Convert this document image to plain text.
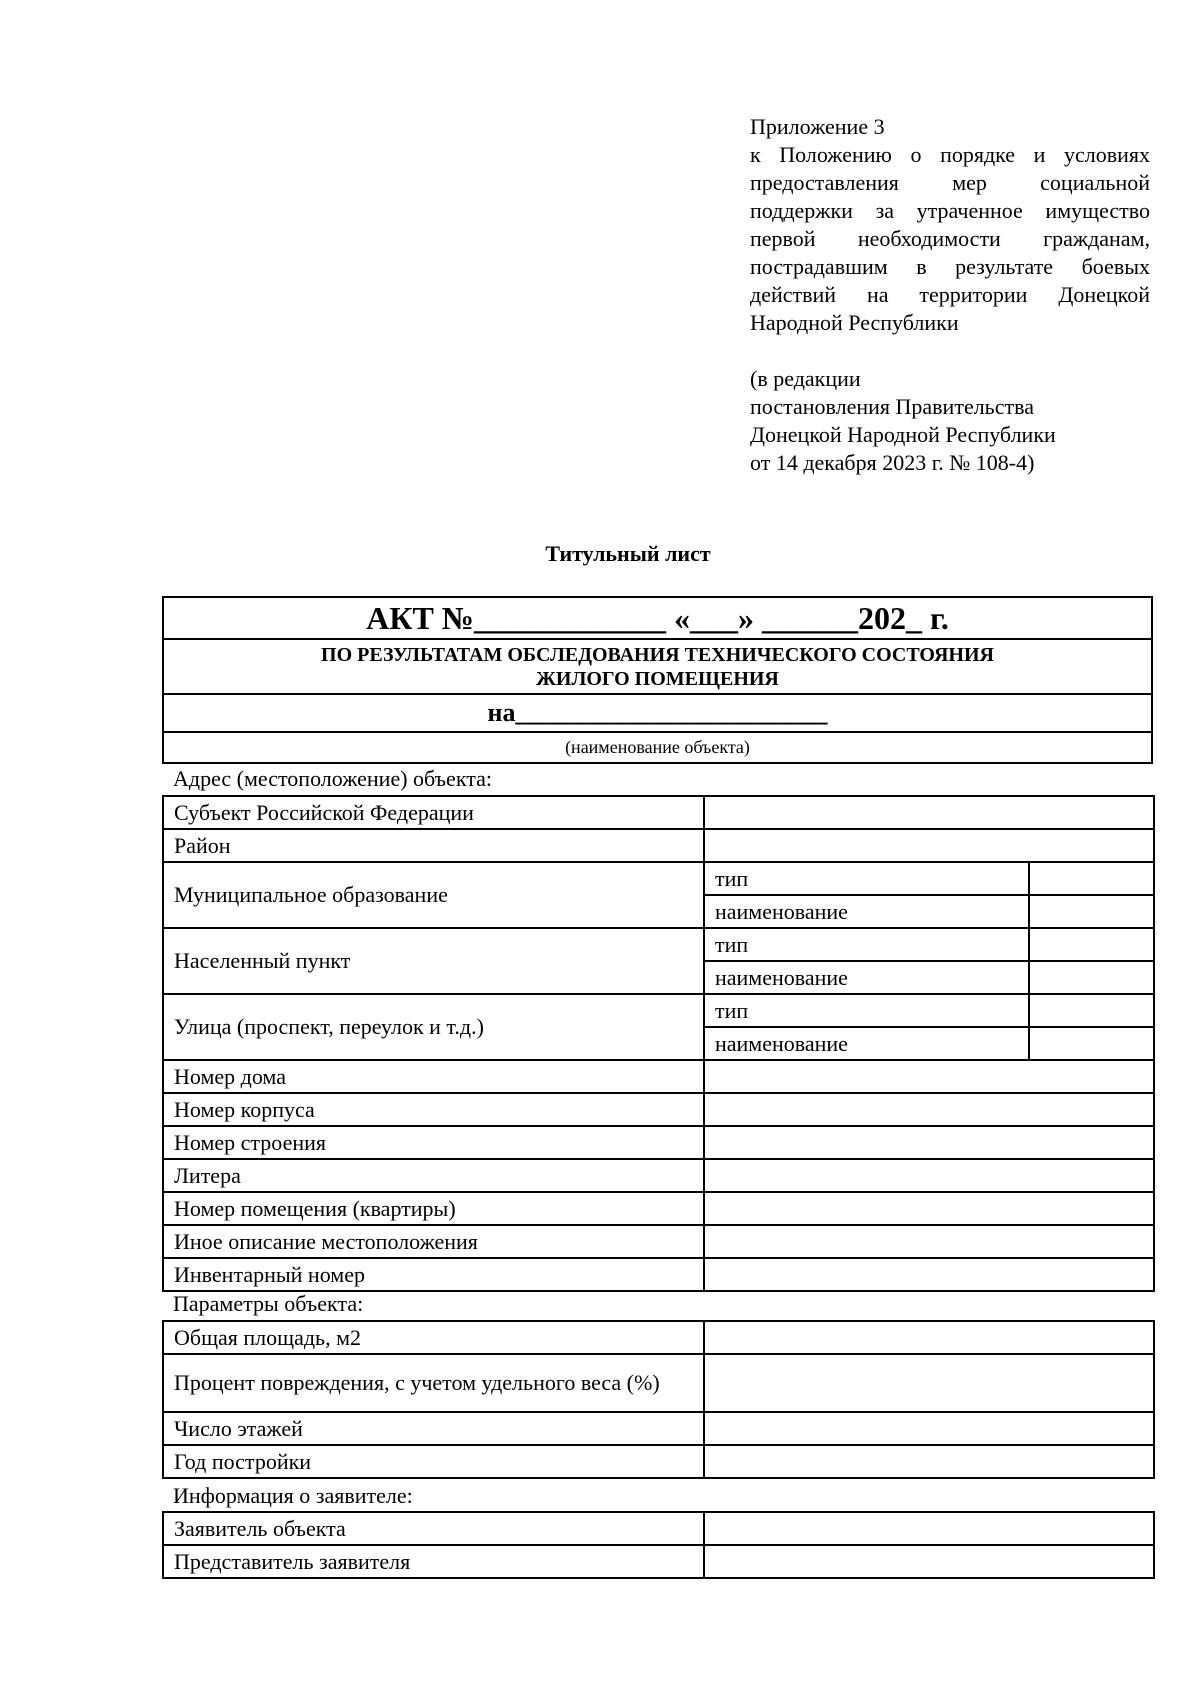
Приложение 3
к Положению о порядке и условиях предоставления мер социальной поддержки за утраченное имущество первой необходимости гражданам, пострадавшим в результате боевых действий на территории Донецкой Народной Республики
(в редакции
постановления Правительства
Донецкой Народной Республики
от 14 декабря 2023 г. № 108-4)
Титульный лист
АКТ №____________ «___» ______202_ г.

ПО РЕЗУЛЬТАТАМ ОБСЛЕДОВАНИЯ ТЕХНИЧЕСКОГО СОСТОЯНИЯ
ЖИЛОГО ПОМЕЩЕНИЯ

на________________________
(наименование объекта)
Адрес (местоположение) объекта:
Субъект Российской Федерации		
Район		
Муниципальное образование	тип	
	наименование	
Населенный пункт	тип	
	наименование	
Улица (проспект, переулок и т.д.)	тип	
	наименование	
Номер дома		
Номер корпуса		
Номер строения		
Литера		
Номер помещения (квартиры)		
Иное описание местоположения		
Инвентарный номер		
Параметры объекта:
Общая площадь, м2	
Процент повреждения, с учетом удельного веса (%)	
Число этажей	
Год постройки	
Информация о заявителе:
Заявитель объекта	
Представитель заявителя	
